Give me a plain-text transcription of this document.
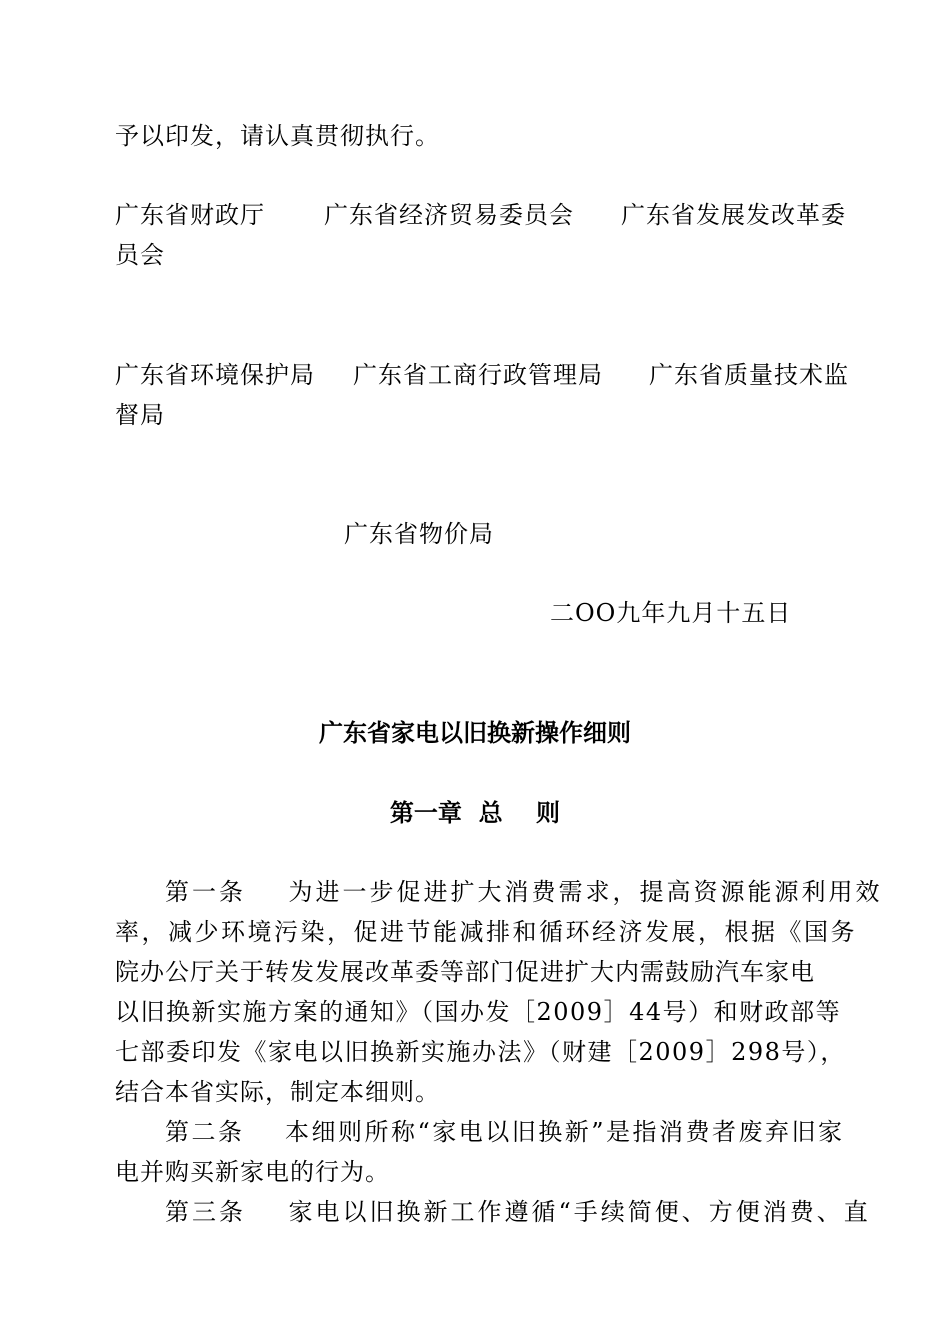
予以印发，请认真贯彻执行。
广东省财政厅 广东省经济贸易委员会 广东省发展发改革委
员会
广东省环境保护局 广东省工商行政管理局 广东省质量技术监
督局
广东省物价局
二OO九年九月十五日
广东省家电以旧换新操作细则
第一章  总    则
第一条    为进一步促进扩大消费需求，提高资源能源利用效
率，减少环境污染，促进节能减排和循环经济发展，根据《国务
院办公厅关于转发发展改革委等部门促进扩大内需鼓励汽车家电
以旧换新实施方案的通知》（国办发［2009］44号）和财政部等
七部委印发《家电以旧换新实施办法》（财建［2009］298号），
结合本省实际，制定本细则。
第二条    本细则所称“家电以旧换新”是指消费者废弃旧家
电并购买新家电的行为。
第三条    家电以旧换新工作遵循“手续简便、方便消费、直
